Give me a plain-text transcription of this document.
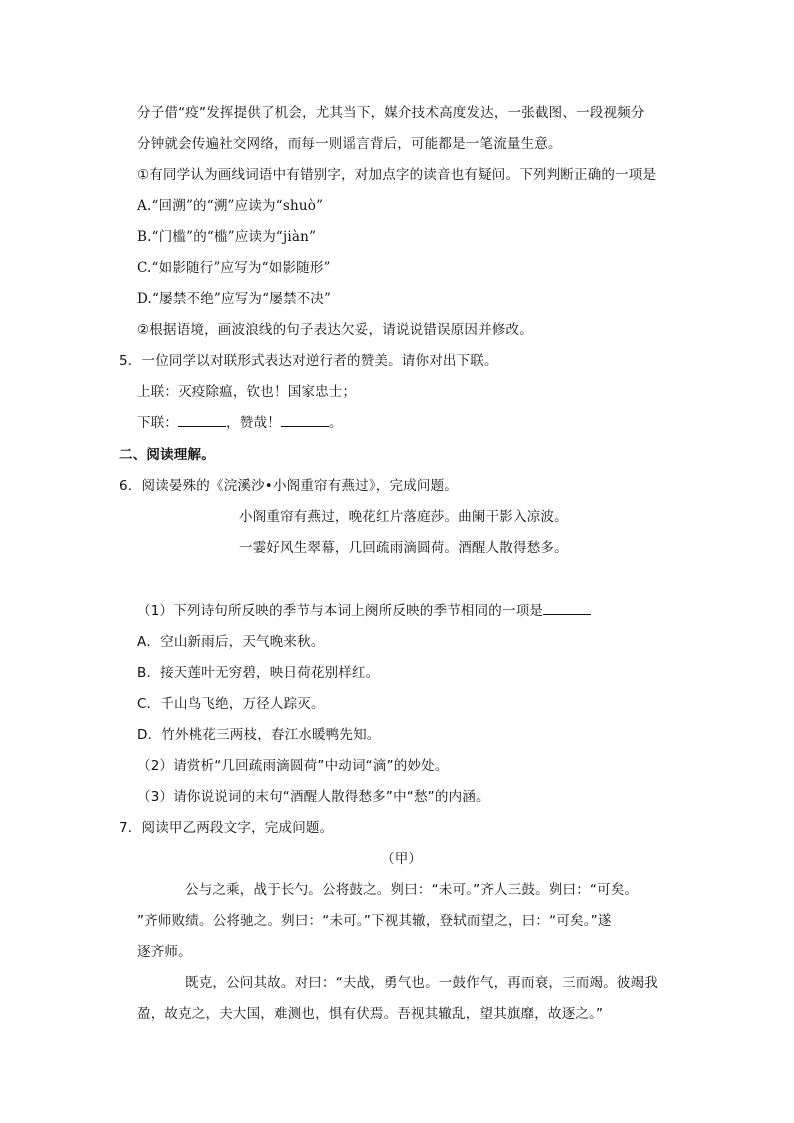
分子借“疫”发挥提供了机会，尤其当下，媒介技术高度发达，一张截图、一段视频分
分钟就会传遍社交网络，而每一则谣言背后，可能都是一笔流量生意。
①有同学认为画线词语中有错别字，对加点字的读音也有疑问。下列判断正确的一项是
A.“回溯”的“溯”应读为“shuò”
B.“门槛”的“槛”应读为“jiàn”
C.“如影随行”应写为“如影随形”
D.“屡禁不绝”应写为“屡禁不决”
②根据语境，画波浪线的句子表达欠妥，请说说错误原因并修改。
5．一位同学以对联形式表达对逆行者的赞美。请你对出下联。
上联：灭疫除瘟，钦也！国家忠士；
下联：	，赞哉！	。
二、阅读理解。
6．阅读晏殊的《浣溪沙•小阁重帘有燕过》，完成问题。
小阁重帘有燕过，晚花红片落庭莎。曲阑干影入凉波。
一霎好风生翠幕，几回疏雨滴圆荷。酒醒人散得愁多。
（1）下列诗句所反映的季节与本词上阕所反映的季节相同的一项是
A．空山新雨后，天气晚来秋。
B．接天莲叶无穷碧，映日荷花别样红。
C．千山鸟飞绝，万径人踪灭。
D．竹外桃花三两枝，春江水暖鸭先知。
（2）请赏析“几回疏雨滴圆荷”中动词“滴”的妙处。
（3）请你说说词的末句“酒醒人散得愁多”中“愁”的内涵。
7．阅读甲乙两段文字，完成问题。
（甲）
公与之乘，战于长勺。公将鼓之。刿曰：“未可。”齐人三鼓。刿曰：“可矣。
”齐师败绩。公将驰之。刿曰：“未可。”下视其辙，登轼而望之，曰：“可矣。”遂
逐齐师。
既克，公问其故。对曰：“夫战，勇气也。一鼓作气，再而衰，三而竭。彼竭我
盈，故克之，夫大国，难测也，惧有伏焉。吾视其辙乱，望其旗靡，故逐之。”
